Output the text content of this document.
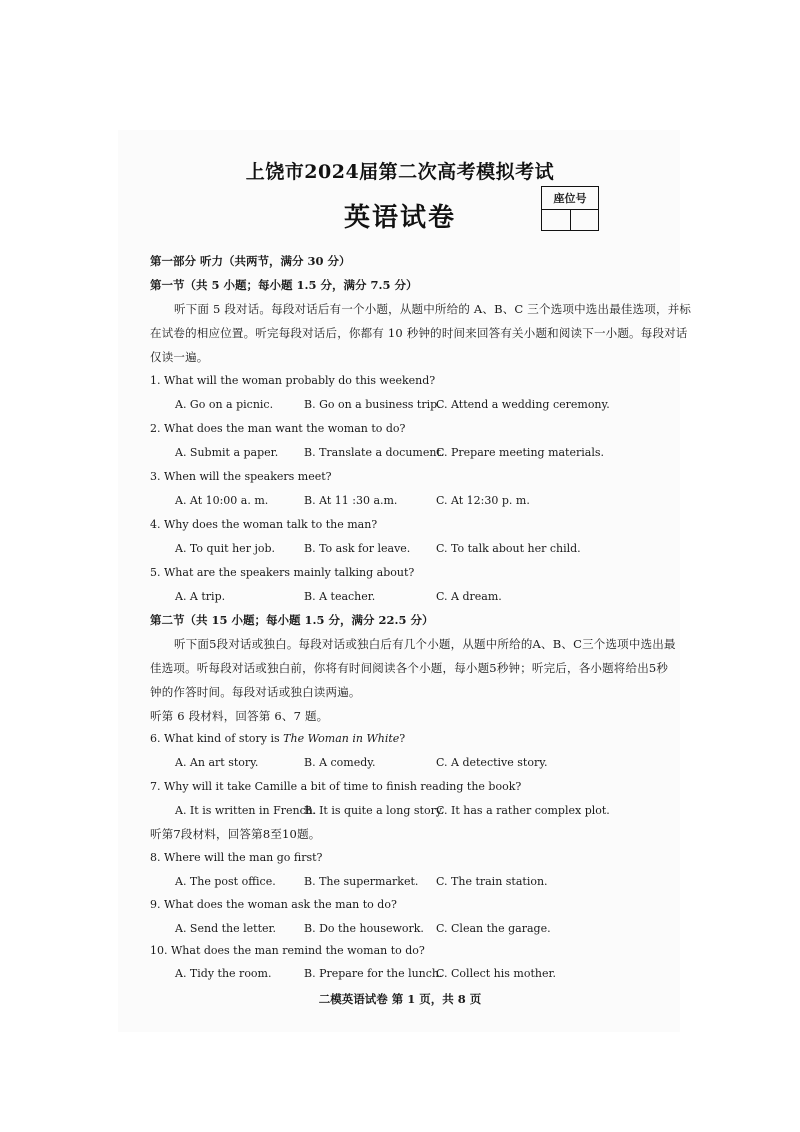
上饶市2024届第二次高考模拟考试
英语试卷
座位号
第一部分 听力（共两节，满分 30 分）
第一节（共 5 小题；每小题 1.5 分，满分 7.5 分）
听下面 5 段对话。每段对话后有一个小题，从题中所给的 A、B、C 三个选项中选出最佳选项，并标
在试卷的相应位置。听完每段对话后，你都有 10 秒钟的时间来回答有关小题和阅读下一小题。每段对话
仅读一遍。
1. What will the woman probably do this weekend?
A. Go on a picnic.	B. Go on a business trip.
C. Attend a wedding ceremony.
2. What does the man want the woman to do?
A. Submit a paper. B. Translate a document.
C. Prepare meeting materials.
3. When will the speakers meet?
A. At 10:00 a. m.	B. At 11 :30 a.m.	C. At 12:30 p. m.
4. Why does the woman talk to the man?
A. To quit her job.	B. To ask for leave. C. To talk about her child.
5. What are the speakers mainly talking about?
A. A trip.	B. A teacher.	C. A dream.
第二节（共 15 小题；每小题 1.5 分，满分 22.5 分）
听下面5段对话或独白。每段对话或独白后有几个小题，从题中所给的A、B、C三个选项中选出最
佳选项。听每段对话或独白前，你将有时间阅读各个小题，每小题5秒钟；听完后，各小题将给出5秒
钟的作答时间。每段对话或独白读两遍。
听第 6 段材料，回答第 6、7 题。
6. What kind of story is The Woman in White?
A. An art story.	B. A comedy.	C. A detective story.
7. Why will it take Camille a bit of time to finish reading the book?
A. It is written in French.
B. It is quite a long story.
C. It has a rather complex plot.
听第7段材料，回答第8至10题。
8. Where will the man go first?
A. The post office.	B. The supermarket. C. The train station.
9. What does the woman ask the man to do?
A. Send the letter.	B. Do the housework. C. Clean the garage.
10. What does the man remind the woman to do?
A. Tidy the room.	B. Prepare for the lunch.
C. Collect his mother.
二模英语试卷 第 1 页，共 8 页
